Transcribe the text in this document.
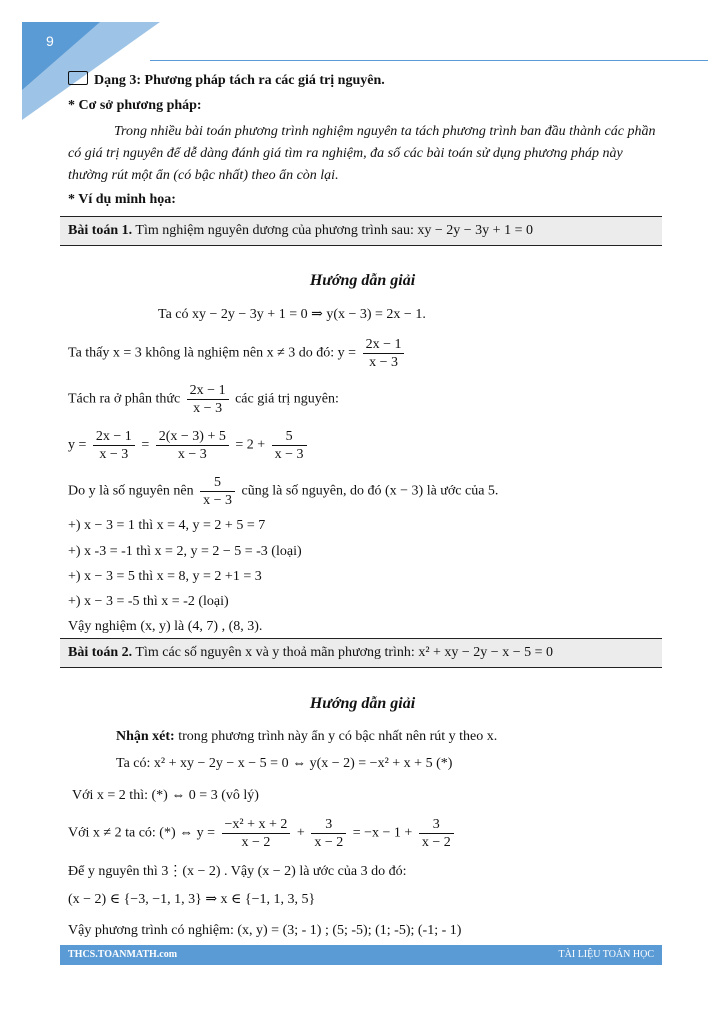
9
Dạng 3: Phương pháp tách ra các giá trị nguyên.
* Cơ sở phương pháp:
Trong nhiều bài toán phương trình nghiệm nguyên ta tách phương trình ban đầu thành các phần có giá trị nguyên để dễ dàng đánh giá tìm ra nghiệm, đa số các bài toán sử dụng phương pháp này thường rút một ẩn (có bậc nhất) theo ẩn còn lại.
* Ví dụ minh họa:
Bài toán 1. Tìm nghiệm nguyên dương của phương trình sau: xy − 2y − 3y + 1 = 0
Hướng dẫn giải
Ta có xy − 2y − 3y + 1 = 0 ⇒ y(x − 3) = 2x − 1.
Ta thấy x = 3 không là nghiệm nên x ≠ 3 do đó: $y = \frac{2x - 1}{x - 3}$
Tách ra ở phân thức $\frac{2x - 1}{x - 3}$ các giá trị nguyên:
$y = \frac{2x - 1}{x - 3} = \frac{2(x - 3) + 5}{x - 3} = 2 + \frac{5}{x - 3}$
Do y là số nguyên nên $\frac{5}{x - 3}$ cũng là số nguyên, do đó (x − 3) là ước của 5.
+) x − 3 = 1 thì x = 4, y = 2 + 5 = 7
+) x -3 = -1 thì x = 2, y = 2 − 5 = -3 (loại)
+) x − 3 = 5 thì x = 8, y = 2 +1 = 3
+) x − 3 = -5 thì x = -2 (loại)
Vậy nghiệm (x, y) là (4, 7) , (8, 3).
Bài toán 2. Tìm các số nguyên x và y thoả mãn phương trình: x² + xy − 2y − x − 5 = 0
Hướng dẫn giải
Nhận xét: trong phương trình này ẩn y có bậc nhất nên rút y theo x.
Ta có: x² + xy − 2y − x − 5 = 0 ⇔ y(x − 2) = −x² + x + 5 (*)
Với x = 2 thì: (*) ⇔ 0 = 3 (vô lý)
Với x ≠ 2 ta có: (*) ⇔ $y = \frac{\text{−x² + x + 2}}{x - 2} + \frac{3}{x - 2} = -x - 1 + \frac{3}{x - 2}$
Để y nguyên thì 3⋮(x − 2) . Vậy (x − 2) là ước của 3 do đó:
(x − 2) ∈ {−3, −1, 1, 3} ⇒ x ∈ {−1, 1, 3, 5}
Vậy phương trình có nghiệm: (x, y) = (3; - 1) ; (5; -5); (1; -5); (-1; - 1)
THCS.TOANMATH.com	TÀI LIỆU TOÁN HỌC
